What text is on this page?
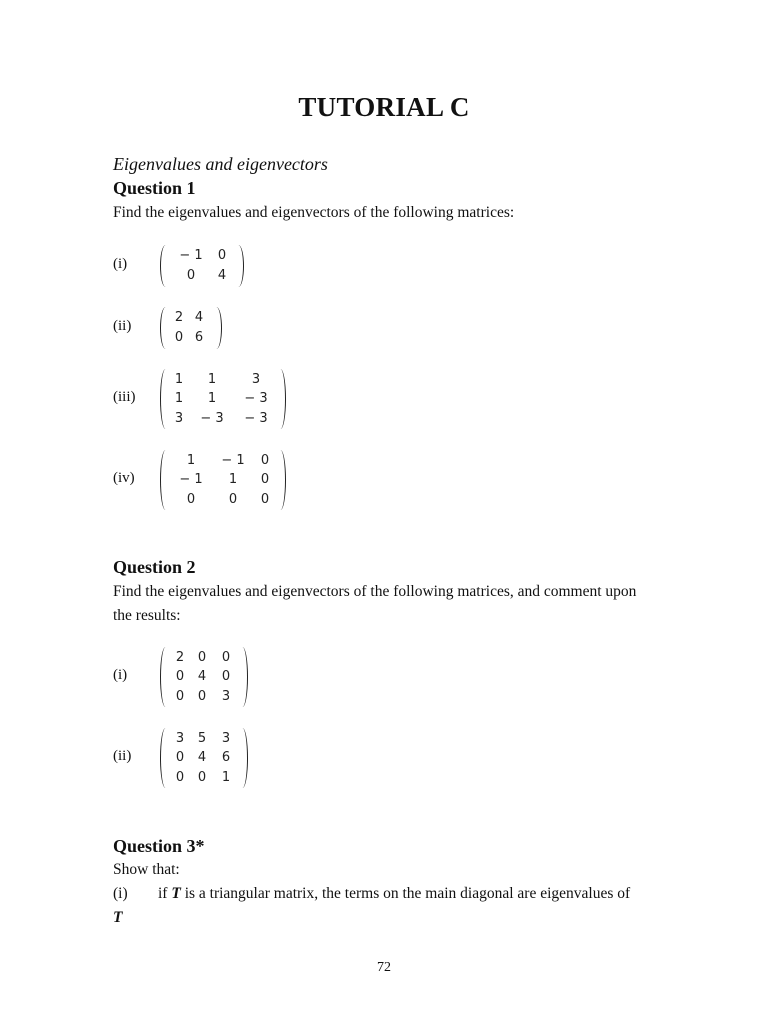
TUTORIAL C
Eigenvalues and eigenvectors
Question 1
Find the eigenvalues and eigenvectors of the following matrices:
(i)
− 1	0
0	4
(ii)
2 4
0 6
(iii)
1	1	3
1	1	− 3
3	− 3	− 3
(iv)
1	− 1	0
− 1	1	0
0	0	0
Question 2
Find the eigenvalues and eigenvectors of the following matrices, and comment upon
the results:
(i)
2	0	0
0	4	0
0	0	3
(ii)
3	5	3
0	4	6
0	0	1
Question 3*
Show that:
(i) if T is a triangular matrix, the terms on the main diagonal are eigenvalues of
T
72
